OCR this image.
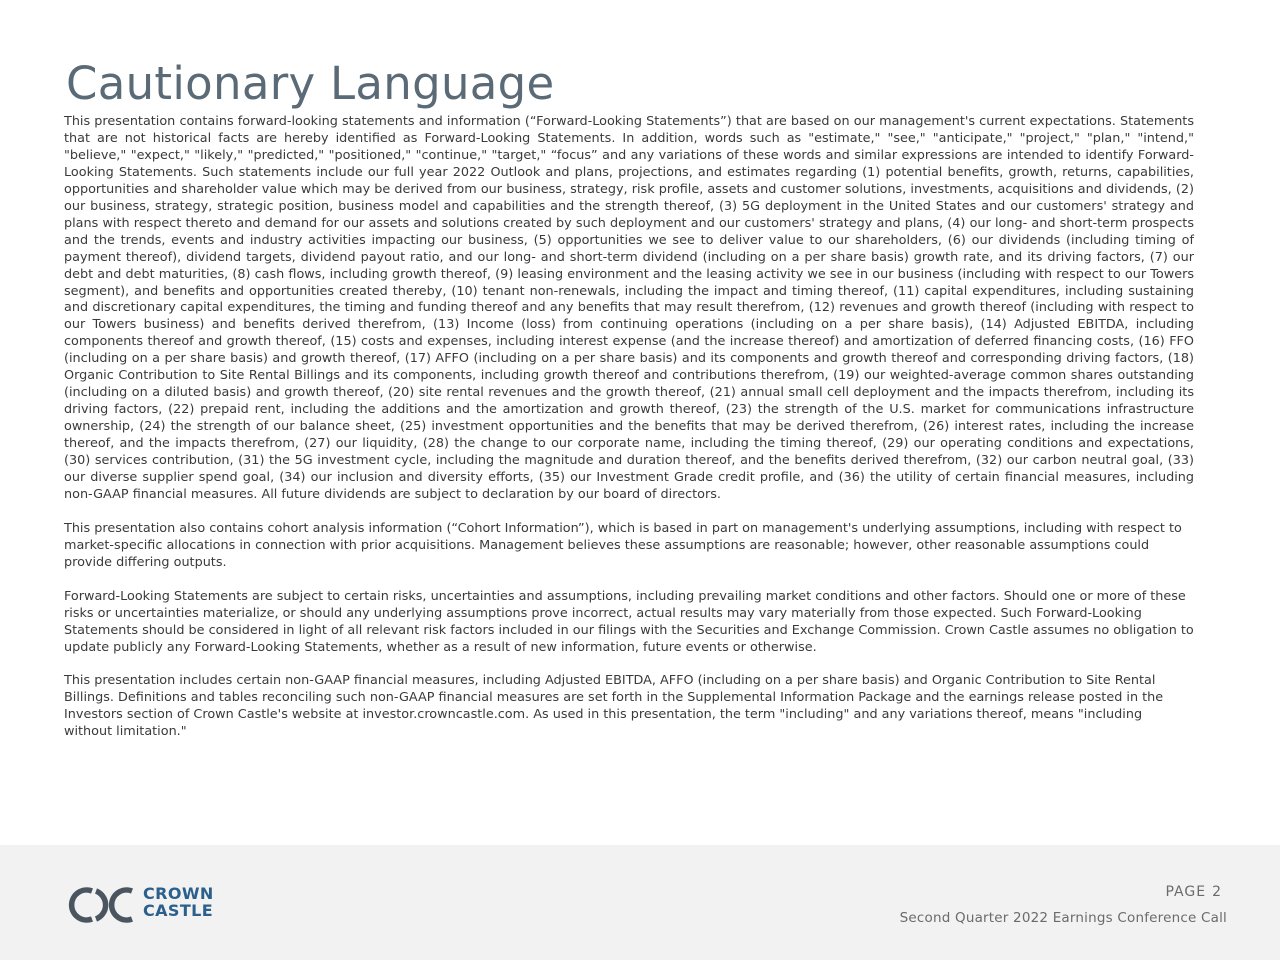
Cautionary Language

This presentation contains forward-looking statements and information (“Forward-Looking Statements”) that are based on our management's current expectations. Statements that are not historical facts are hereby identified as Forward-Looking Statements. In addition, words such as "estimate," "see," "anticipate," "project," "plan," "intend," "believe," "expect," "likely," "predicted," "positioned," "continue," "target," “focus” and any variations of these words and similar expressions are intended to identify Forward-Looking Statements. Such statements include our full year 2022 Outlook and plans, projections, and estimates regarding (1) potential benefits, growth, returns, capabilities, opportunities and shareholder value which may be derived from our business, strategy, risk profile, assets and customer solutions, investments, acquisitions and dividends, (2) our business, strategy, strategic position, business model and capabilities and the strength thereof, (3) 5G deployment in the United States and our customers' strategy and plans with respect thereto and demand for our assets and solutions created by such deployment and our customers' strategy and plans, (4) our long- and short-term prospects and the trends, events and industry activities impacting our business, (5) opportunities we see to deliver value to our shareholders, (6) our dividends (including timing of payment thereof), dividend targets, dividend payout ratio, and our long- and short-term dividend (including on a per share basis) growth rate, and its driving factors, (7) our debt and debt maturities, (8) cash flows, including growth thereof, (9) leasing environment and the leasing activity we see in our business (including with respect to our Towers segment), and benefits and opportunities created thereby, (10) tenant non-renewals, including the impact and timing thereof, (11) capital expenditures, including sustaining and discretionary capital expenditures, the timing and funding thereof and any benefits that may result therefrom, (12) revenues and growth thereof (including with respect to our Towers business) and benefits derived therefrom, (13) Income (loss) from continuing operations (including on a per share basis), (14) Adjusted EBITDA, including components thereof and growth thereof, (15) costs and expenses, including interest expense (and the increase thereof) and amortization of deferred financing costs, (16) FFO (including on a per share basis) and growth thereof, (17) AFFO (including on a per share basis) and its components and growth thereof and corresponding driving factors, (18) Organic Contribution to Site Rental Billings and its components, including growth thereof and contributions therefrom, (19) our weighted-average common shares outstanding (including on a diluted basis) and growth thereof, (20) site rental revenues and the growth thereof, (21) annual small cell deployment and the impacts therefrom, including its driving factors, (22) prepaid rent, including the additions and the amortization and growth thereof, (23) the strength of the U.S. market for communications infrastructure ownership, (24) the strength of our balance sheet, (25) investment opportunities and the benefits that may be derived therefrom, (26) interest rates, including the increase thereof, and the impacts therefrom, (27) our liquidity, (28) the change to our corporate name, including the timing thereof, (29) our operating conditions and expectations, (30) services contribution, (31) the 5G investment cycle, including the magnitude and duration thereof, and the benefits derived therefrom, (32) our carbon neutral goal, (33) our diverse supplier spend goal, (34) our inclusion and diversity efforts, (35) our Investment Grade credit profile, and (36) the utility of certain financial measures, including non-GAAP financial measures. All future dividends are subject to declaration by our board of directors.

This presentation also contains cohort analysis information (“Cohort Information”), which is based in part on management's underlying assumptions, including with respect to market-specific allocations in connection with prior acquisitions. Management believes these assumptions are reasonable; however, other reasonable assumptions could provide differing outputs.

Forward-Looking Statements are subject to certain risks, uncertainties and assumptions, including prevailing market conditions and other factors. Should one or more of these risks or uncertainties materialize, or should any underlying assumptions prove incorrect, actual results may vary materially from those expected. Such Forward-Looking Statements should be considered in light of all relevant risk factors included in our filings with the Securities and Exchange Commission. Crown Castle assumes no obligation to update publicly any Forward-Looking Statements, whether as a result of new information, future events or otherwise.

This presentation includes certain non-GAAP financial measures, including Adjusted EBITDA, AFFO (including on a per share basis) and Organic Contribution to Site Rental Billings. Definitions and tables reconciling such non-GAAP financial measures are set forth in the Supplemental Information Package and the earnings release posted in the Investors section of Crown Castle's website at investor.crowncastle.com. As used in this presentation, the term "including" and any variations thereof, means "including without limitation."

CROWN
CASTLE
PAGE 2
Second Quarter 2022 Earnings Conference Call
